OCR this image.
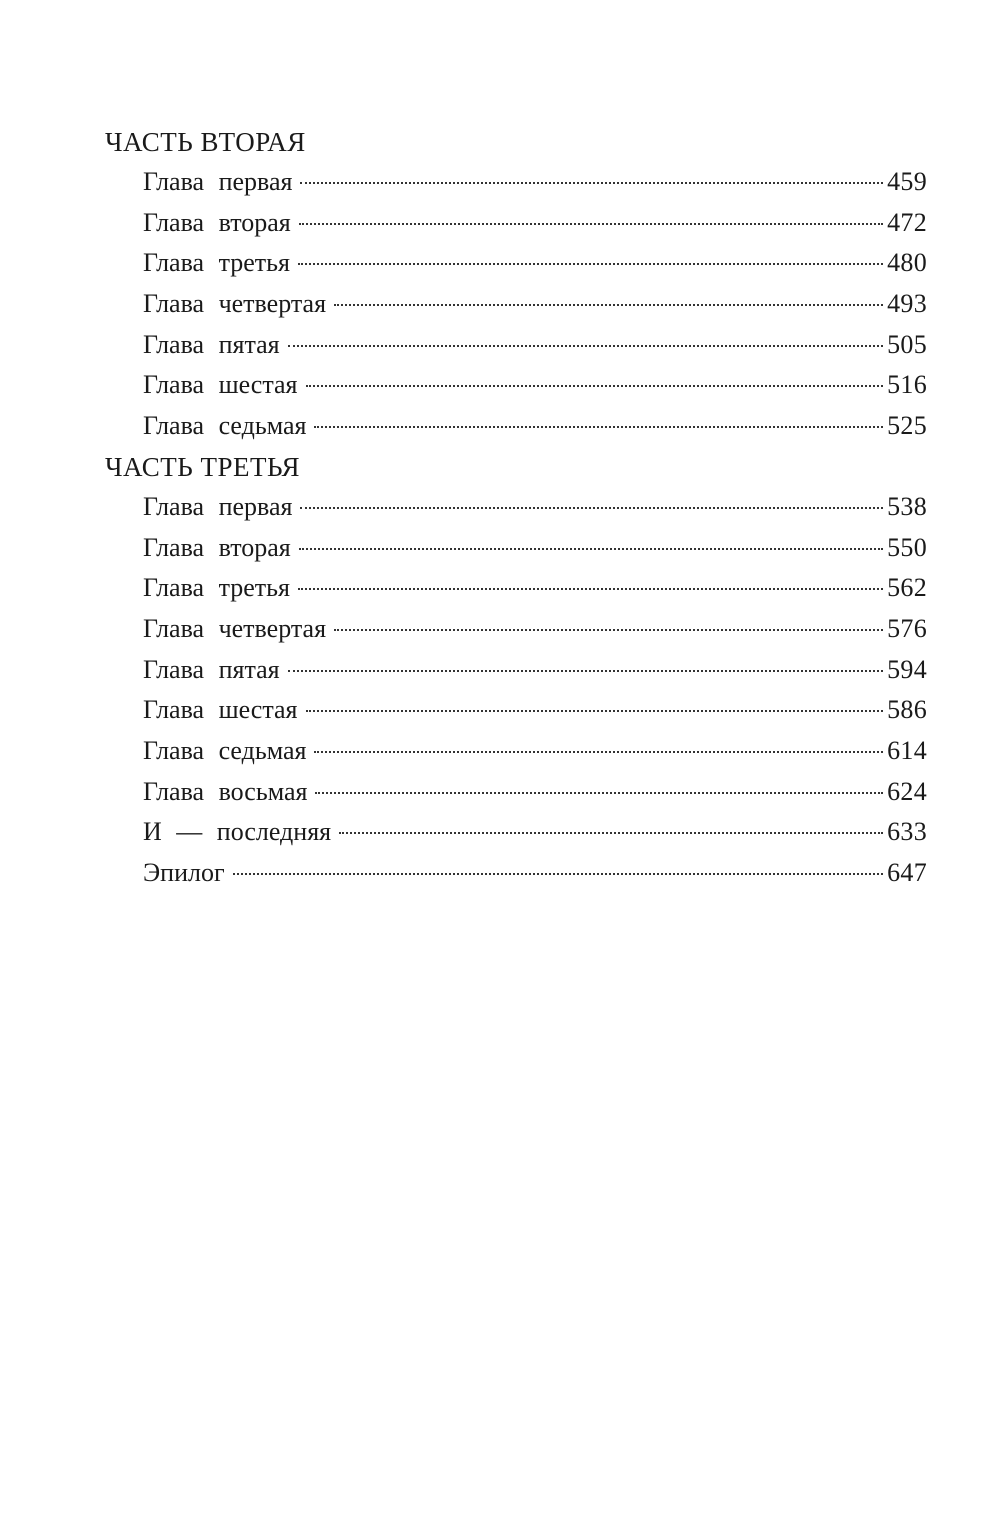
ЧАСТЬ ВТОРАЯ
Глава первая	459
Глава вторая	472
Глава третья	480
Глава четвертая	493
Глава пятая	505
Глава шестая	516
Глава седьмая	525
ЧАСТЬ ТРЕТЬЯ
Глава первая	538
Глава вторая	550
Глава третья	562
Глава четвертая	576
Глава пятая	594
Глава шестая	586
Глава седьмая	614
Глава восьмая	624
И — последняя	633
Эпилог	647
